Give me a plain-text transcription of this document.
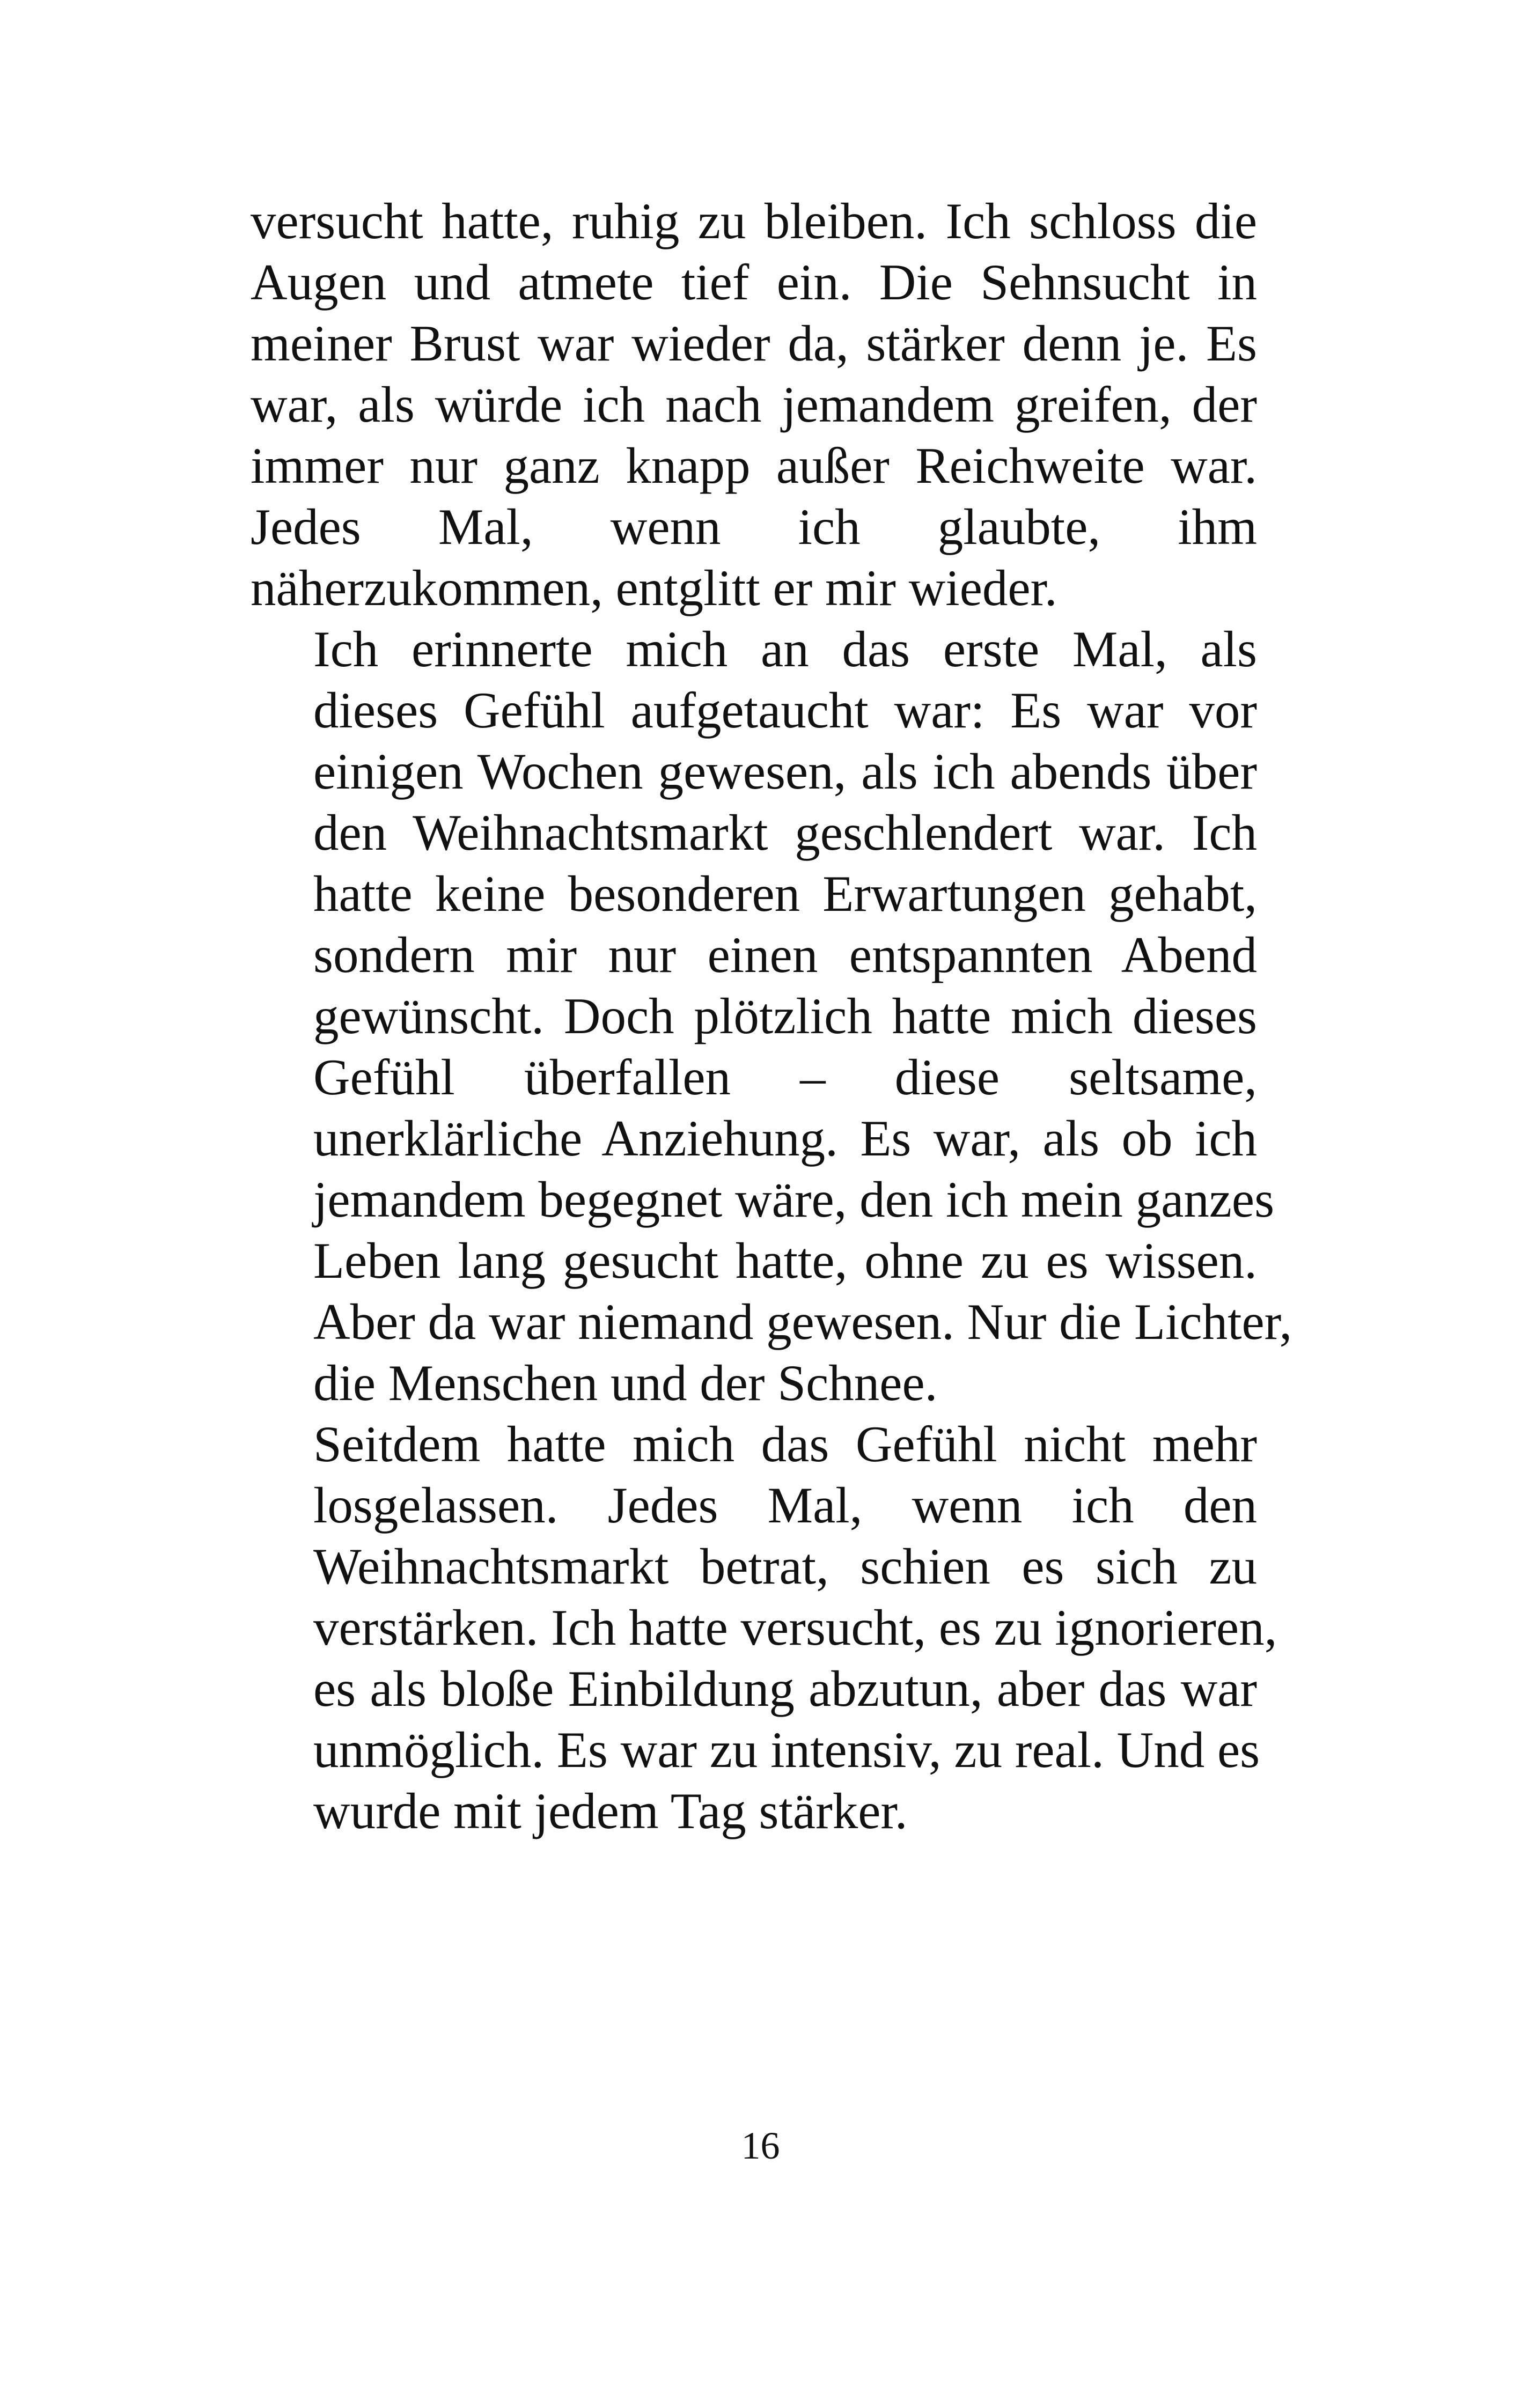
versucht hatte, ruhig zu bleiben. Ich schloss die
Augen und atmete tief ein. Die Sehnsucht in
meiner Brust war wieder da, stärker denn je. Es
war, als würde ich nach jemandem greifen, der
immer nur ganz knapp außer Reichweite war.
Jedes Mal, wenn ich glaubte, ihm
näherzukommen, entglitt er mir wieder.

Ich erinnerte mich an das erste Mal, als
dieses Gefühl aufgetaucht war: Es war vor
einigen Wochen gewesen, als ich abends über
den Weihnachtsmarkt geschlendert war. Ich
hatte keine besonderen Erwartungen gehabt,
sondern mir nur einen entspannten Abend
gewünscht. Doch plötzlich hatte mich dieses
Gefühl überfallen – diese seltsame,
unerklärliche Anziehung. Es war, als ob ich
jemandem begegnet wäre, den ich mein ganzes
Leben lang gesucht hatte, ohne zu es wissen.
Aber da war niemand gewesen. Nur die Lichter,
die Menschen und der Schnee.

Seitdem hatte mich das Gefühl nicht mehr
losgelassen. Jedes Mal, wenn ich den
Weihnachtsmarkt betrat, schien es sich zu
verstärken. Ich hatte versucht, es zu ignorieren,
es als bloße Einbildung abzutun, aber das war
unmöglich. Es war zu intensiv, zu real. Und es
wurde mit jedem Tag stärker.

16
